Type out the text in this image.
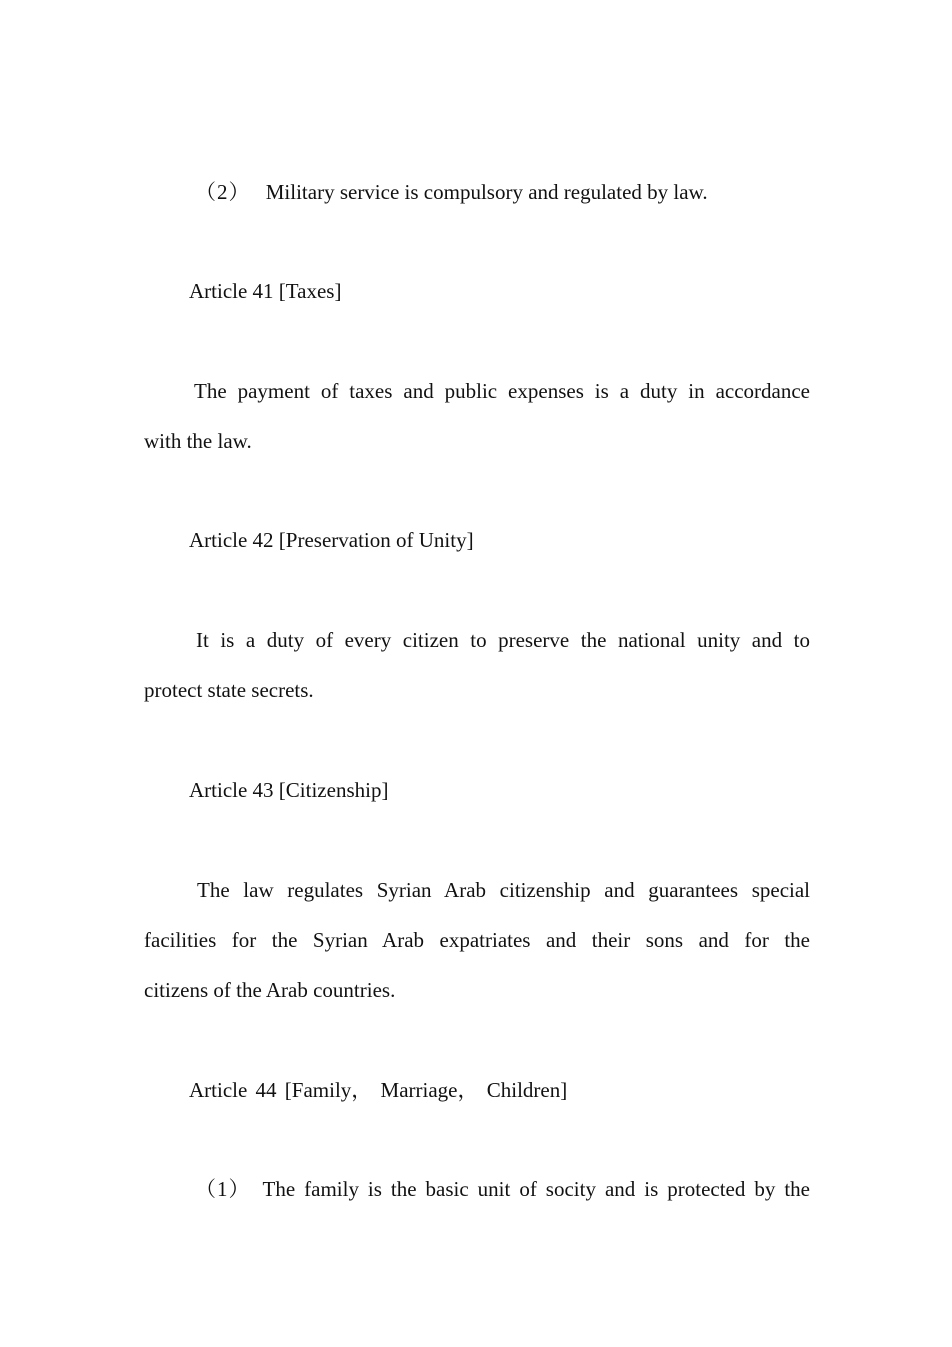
（2） Military service is compulsory and regulated by law.
Article 41 [Taxes]
The payment of taxes and public expenses is a duty in accordance
with the law.
Article 42 [Preservation of Unity]
It is a duty of every citizen to preserve the national unity and to
protect state secrets.
Article 43 [Citizenship]
The law regulates Syrian Arab citizenship and guarantees special
facilities for the Syrian Arab expatriates and their sons and for the
citizens of the Arab countries.
Article 44 [Family， Marriage， Children]
（1） The family is the basic unit of socity and is protected by the
